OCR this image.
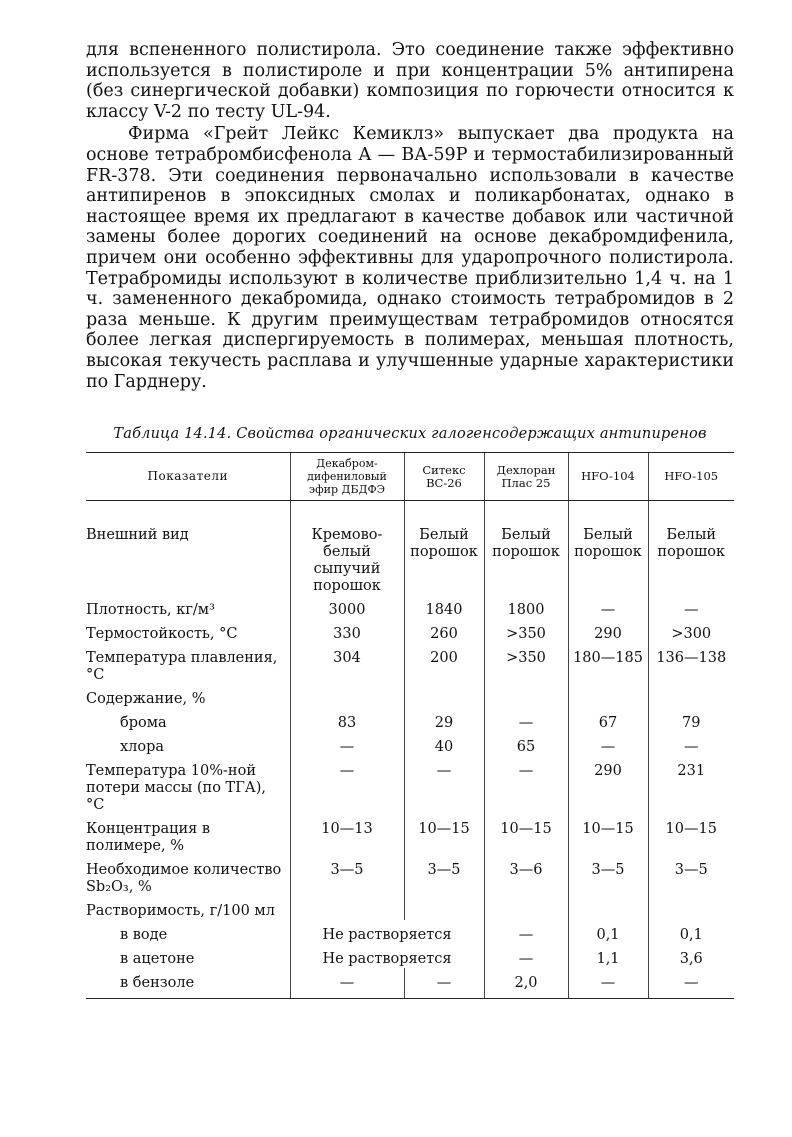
для вспененного полистирола. Это соединение также эффективно используется в полистироле и при концентрации 5% антипирена (без синергической добавки) композиция по горючести относится к классу V-2 по тесту UL-94.

Фирма «Грейт Лейкс Кемиклз» выпускает два продукта на основе тетрабромбисфенола А — ВА-59Р и термостабилизированный FR-378. Эти соединения первоначально использовали в качестве антипиренов в эпоксидных смолах и поликарбонатах, однако в настоящее время их предлагают в качестве добавок или частичной замены более дорогих соединений на основе декабромдифенила, причем они особенно эффективны для ударопрочного полистирола. Тетрабромиды используют в количестве приблизительно 1,4 ч. на 1 ч. замененного декабромида, однако стоимость тетрабромидов в 2 раза меньше. К другим преимуществам тетрабромидов относятся более легкая диспергируемость в полимерах, меньшая плотность, высокая текучесть расплава и улучшенные ударные характеристики по Гарднеру.

Таблица 14.14. Свойства органических галогенсодержащих антипиренов
Показатели	Декабром-дифениловый эфир ДБДФЭ	Ситекс ВС-26	Дехлоран Плас 25	HFO-104	HFO-105
Внешний вид	Кремово-белый сыпучий порошок	Белый порошок	Белый порошок	Белый порошок	Белый порошок
Плотность, кг/м³	3000	1840	1800	—	—
Термостойкость, °С	330	260	>350	290	>300
Температура плавления, °С	304	200	>350	180—185	136—138
Содержание, %					
брома	83	29	—	67	79
хлора	—	40	65	—	—
Температура 10%-ной потери массы (по ТГА), °С	—	—	—	290	231
Концентрация в полимере, %	10—13	10—15	10—15	10—15	10—15
Необходимое количество Sb₂O₃, %	3—5	3—5	3—6	3—5	3—5
Растворимость, г/100 мл					
в воде	Не растворяется		—	0,1	0,1
в ацетоне	Не растворяется		—	1,1	3,6
в бензоле	—	—	2,0	—	—
